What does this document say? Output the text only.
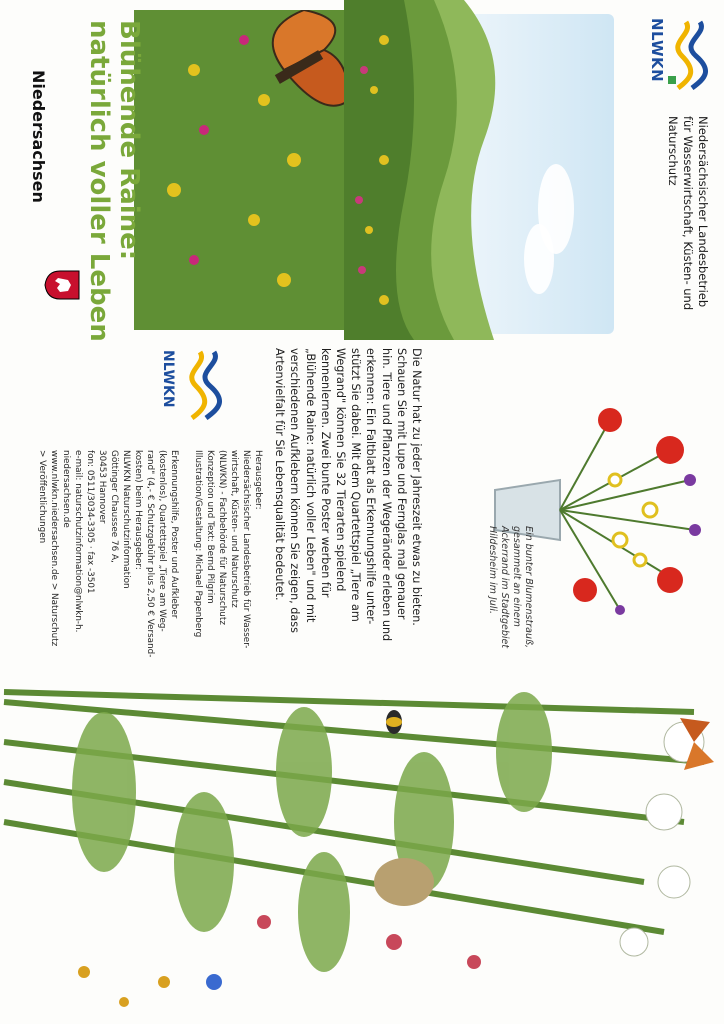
NLWKN
Niedersächsischer Landesbetrieb
für Wasserwirtschaft, Küsten- und
Naturschutz
Blühende Raine:
natürlich voller Leben
Niedersachsen
Ein bunter Blumenstrauß,
gesammelt an einem
Ackerrand im Stadtgebiet
Hildesheim im Juli.
Die Natur hat zu jeder Jahreszeit etwas zu bieten.
Schauen Sie mit Lupe und Fernglas mal genauer
hin. Tiere und Pflanzen der Wegeränder erleben und
erkennen: Ein Faltblatt als Erkennungshilfe unter-
stützt Sie dabei. Mit dem Quartettspiel „Tiere am
Wegrand" können Sie 32 Tierarten spielend
kennenlernen. Zwei bunte Poster werben für
„Blühende Raine: natürlich voller Leben" und mit
verschiedenen Aufklebern können Sie zeigen, dass
Artenvielfalt für Sie Lebensqualität bedeutet.
Herausgeber:
Niedersächsischer Landesbetrieb für Wasser-
wirtschaft, Küsten- und Naturschutz
(NLWKN) - Fachbehörde für Naturschutz
Konzeption und Text: Bernd Pilgrim
Illustration/Gestaltung: Michael Papenberg

Erkennungshilfe, Poster und Aufkleber
(kostenlos), Quartettspiel „Tiere am Weg-
rand" (4,- € Schutzgebühr plus 2,50 € Versand-
kosten) beim Herausgeber:
NLWKN Naturschutzinformation
Göttinger Chaussee 76 A,
30453 Hannover
fon: 0511/3034-3305 · fax -3501
e-mail: naturschutzinformation@nlwkn-h.
niedersachsen.de
www.nlwkn.niedersachsen.de > Naturschutz
> Veröffentlichungen
NLWKN
